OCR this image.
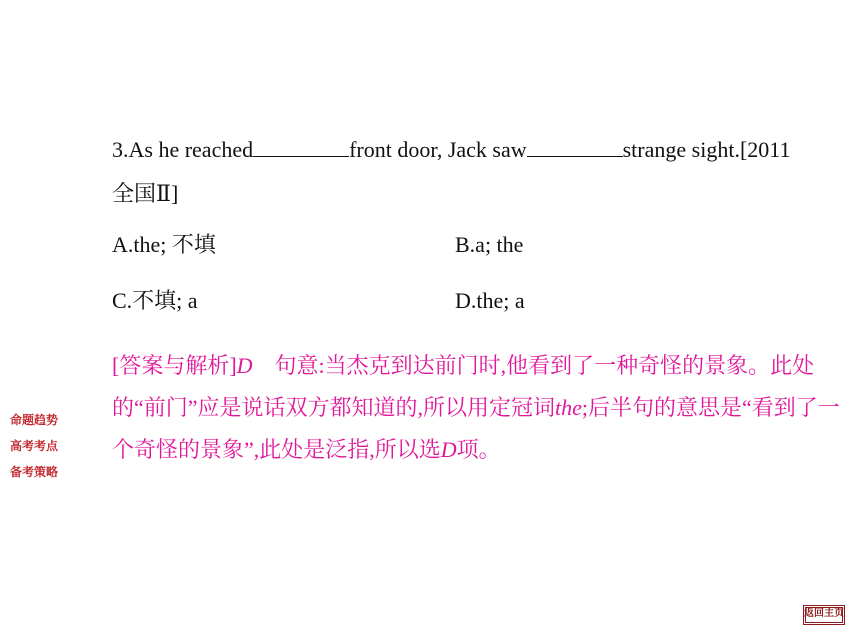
3.As he reached	front door, Jack saw	strange sight.[2011
全国Ⅱ]
A.the; 不填	B.a; the
C.不填; a	D.the; a
[答案与解析]D　句意:当杰克到达前门时,他看到了一种奇怪的景象。此处的“前门”应是说话双方都知道的,所以用定冠词the;后半句的意思是“看到了一个奇怪的景象”,此处是泛指,所以选D项。
命题趋势
高考考点
备考策略
返回主页
